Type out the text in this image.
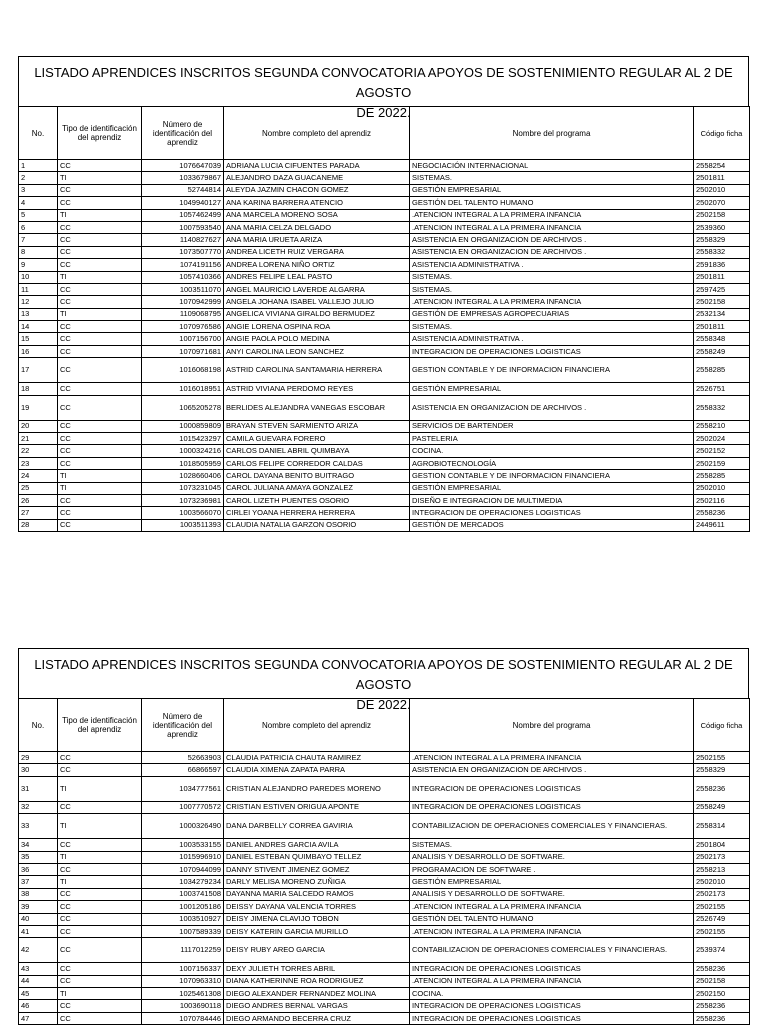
LISTADO APRENDICES INSCRITOS SEGUNDA CONVOCATORIA APOYOS DE SOSTENIMIENTO REGULAR AL 2 DE AGOSTO
DE 2022.
No.	Tipo de identificación del aprendiz	Número de identificación del aprendiz	Nombre completo del aprendiz	Nombre del programa	Código ficha
1	CC	1076647039	ADRIANA LUCIA CIFUENTES PARADA	NEGOCIACIÓN INTERNACIONAL	2558254
2	TI	1033679867	ALEJANDRO DAZA GUACANEME	SISTEMAS.	2501811
3	CC	52744814	ALEYDA JAZMIN CHACON GOMEZ	GESTIÓN EMPRESARIAL	2502010
4	CC	1049940127	ANA KARINA BARRERA ATENCIO	GESTIÓN DEL TALENTO HUMANO	2502070
5	TI	1057462499	ANA MARCELA MORENO SOSA	.ATENCION INTEGRAL A LA PRIMERA INFANCIA	2502158
6	CC	1007593540	ANA MARIA CELZA DELGADO	.ATENCION INTEGRAL A LA PRIMERA INFANCIA	2539360
7	CC	1140827627	ANA MARIA URUETA ARIZA	ASISTENCIA EN ORGANIZACION DE ARCHIVOS .	2558329
8	CC	1073507770	ANDREA LICETH RUIZ VERGARA	ASISTENCIA EN ORGANIZACION DE ARCHIVOS .	2558332
9	CC	1074191156	ANDREA LORENA NIÑO ORTIZ	ASISTENCIA ADMINISTRATIVA .	2591836
10	TI	1057410366	ANDRES FELIPE LEAL PASTO	SISTEMAS.	2501811
11	CC	1003511070	ANGEL MAURICIO LAVERDE ALGARRA	SISTEMAS.	2597425
12	CC	1070942999	ANGELA JOHANA ISABEL VALLEJO JULIO	.ATENCION INTEGRAL A LA PRIMERA INFANCIA	2502158
13	TI	1109068795	ANGELICA VIVIANA GIRALDO BERMUDEZ	GESTIÓN DE EMPRESAS AGROPECUARIAS	2532134
14	CC	1070976586	ANGIE LORENA OSPINA ROA	SISTEMAS.	2501811
15	CC	1007156700	ANGIE PAOLA POLO MEDINA	ASISTENCIA ADMINISTRATIVA .	2558348
16	CC	1070971681	ANYI CAROLINA LEON SANCHEZ	INTEGRACION DE OPERACIONES LOGISTICAS	2558249
17	CC	1016068198	ASTRID CAROLINA SANTAMARIA HERRERA	GESTION CONTABLE Y DE INFORMACION FINANCIERA	2558285
18	CC	1016018951	ASTRID VIVIANA PERDOMO REYES	GESTIÓN EMPRESARIAL	2526751
19	CC	1065205278	BERLIDES ALEJANDRA VANEGAS ESCOBAR	ASISTENCIA EN ORGANIZACION DE ARCHIVOS .	2558332
20	CC	1000859809	BRAYAN STEVEN SARMIENTO ARIZA	SERVICIOS DE BARTENDER	2558210
21	CC	1015423297	CAMILA GUEVARA FORERO	PASTELERIA	2502024
22	CC	1000324216	CARLOS DANIEL ABRIL QUIMBAYA	COCINA.	2502152
23	CC	1018505959	CARLOS FELIPE CORREDOR CALDAS	AGROBIOTECNOLOGÍA	2502159
24	TI	1028660406	CAROL DAYANA BENITO BUITRAGO	GESTION CONTABLE Y DE INFORMACION FINANCIERA	2558285
25	TI	1073231045	CAROL JULIANA AMAYA GONZALEZ	GESTIÓN EMPRESARIAL	2502010
26	CC	1073236981	CAROL LIZETH PUENTES OSORIO	DISEÑO E INTEGRACION DE MULTIMEDIA	2502116
27	CC	1003566070	CIRLEI YOANA HERRERA HERRERA	INTEGRACION DE OPERACIONES LOGISTICAS	2558236
28	CC	1003511393	CLAUDIA NATALIA GARZON OSORIO	GESTIÓN DE MERCADOS	2449611
LISTADO APRENDICES INSCRITOS SEGUNDA CONVOCATORIA APOYOS DE SOSTENIMIENTO REGULAR AL 2 DE AGOSTO
DE 2022.
No.	Tipo de identificación del aprendiz	Número de identificación del aprendiz	Nombre completo del aprendiz	Nombre del programa	Código ficha
29	CC	52663903	CLAUDIA PATRICIA CHAUTA RAMIREZ	.ATENCION INTEGRAL A LA PRIMERA INFANCIA	2502155
30	CC	66866597	CLAUDIA XIMENA ZAPATA PARRA	ASISTENCIA EN ORGANIZACION DE ARCHIVOS .	2558329
31	TI	1034777561	CRISTIAN ALEJANDRO PAREDES MORENO	INTEGRACION DE OPERACIONES LOGISTICAS	2558236
32	CC	1007770572	CRISTIAN ESTIVEN ORIGUA APONTE	INTEGRACION DE OPERACIONES LOGISTICAS	2558249
33	TI	1000326490	DANA DARBELLY CORREA GAVIRIA	CONTABILIZACION DE OPERACIONES COMERCIALES Y FINANCIERAS.	2558314
34	CC	1003533155	DANIEL ANDRES GARCIA AVILA	SISTEMAS.	2501804
35	TI	1015996910	DANIEL ESTEBAN QUIMBAYO TELLEZ	ANALISIS Y DESARROLLO DE SOFTWARE.	2502173
36	CC	1070944099	DANNY STIVENT JIMENEZ GOMEZ	PROGRAMACION DE SOFTWARE .	2558213
37	TI	1034279234	DARLY MELISA MORENO ZUÑIGA	GESTIÓN EMPRESARIAL	2502010
38	CC	1003741508	DAYANNA MARIA SALCEDO RAMOS	ANALISIS Y DESARROLLO DE SOFTWARE.	2502173
39	CC	1001205186	DEISSY DAYANA VALENCIA TORRES	.ATENCION INTEGRAL A LA PRIMERA INFANCIA	2502155
40	CC	1003510927	DEISY JIMENA CLAVIJO TOBON	GESTIÓN DEL TALENTO HUMANO	2526749
41	CC	1007589339	DEISY KATERIN GARCIA MURILLO	.ATENCION INTEGRAL A LA PRIMERA INFANCIA	2502155
42	CC	1117012259	DEISY RUBY AREO GARCIA	CONTABILIZACION DE OPERACIONES COMERCIALES Y FINANCIERAS.	2539374
43	CC	1007156337	DEXY JULIETH TORRES ABRIL	INTEGRACION DE OPERACIONES LOGISTICAS	2558236
44	CC	1070963310	DIANA KATHERINNE ROA RODRIGUEZ	.ATENCION INTEGRAL A LA PRIMERA INFANCIA	2502158
45	TI	1025461308	DIEGO ALEXANDER FERNANDEZ MOLINA	COCINA.	2502150
46	CC	1003690118	DIEGO ANDRES BERNAL VARGAS	INTEGRACION DE OPERACIONES LOGISTICAS	2558236
47	CC	1070784446	DIEGO ARMANDO BECERRA CRUZ	INTEGRACION DE OPERACIONES LOGISTICAS	2558236
